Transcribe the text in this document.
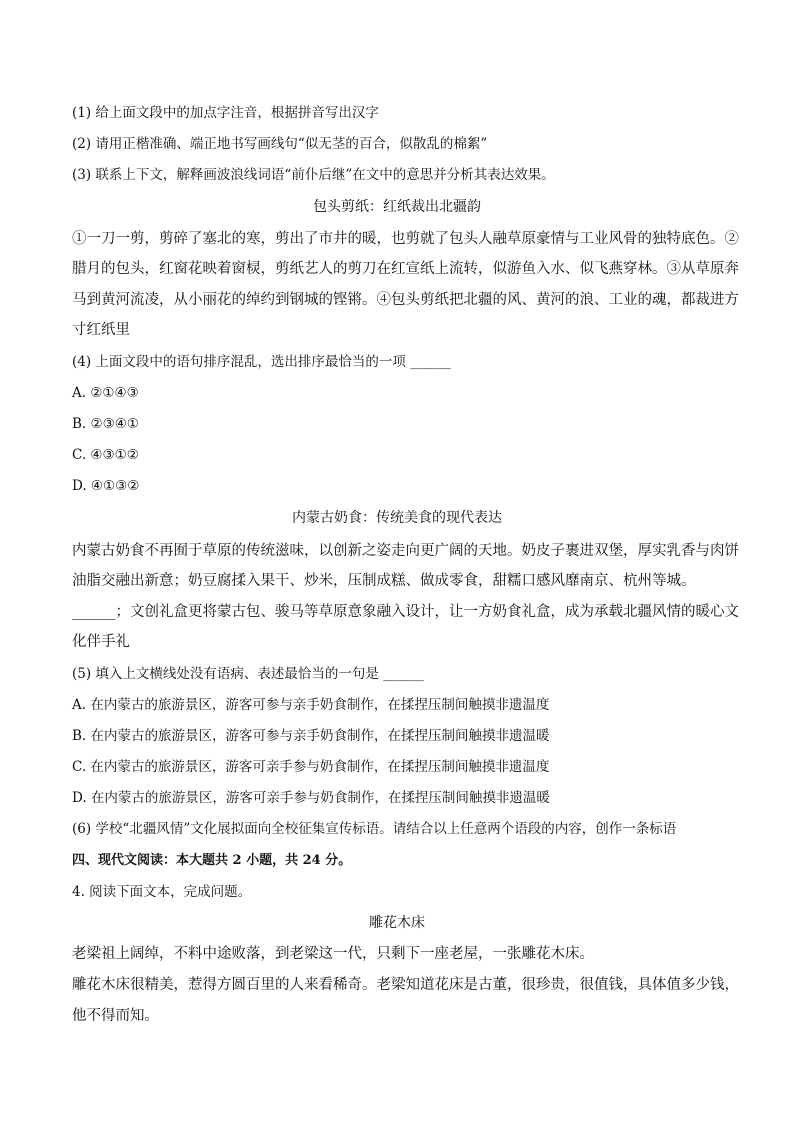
(1) 给上面文段中的加点字注音，根据拼音写出汉字

(2) 请用正楷准确、端正地书写画线句“似无茎的百合，似散乱的棉絮”

(3) 联系上下文，解释画波浪线词语“前仆后继”在文中的意思并分析其表达效果。

包头剪纸：红纸裁出北疆韵

①一刀一剪，剪碎了塞北的寒，剪出了市井的暖，也剪就了包头人融草原豪情与工业风骨的独特底色。②

腊月的包头，红窗花映着窗棂，剪纸艺人的剪刀在红宣纸上流转，似游鱼入水、似飞燕穿林。③从草原奔

马到黄河流凌，从小丽花的绰约到钢城的铿锵。④包头剪纸把北疆的风、黄河的浪、工业的魂，都裁进方

寸红纸里

(4) 上面文段中的语句排序混乱，选出排序最恰当的一项 ______

A. ②①④③

B. ②③④①

C. ④③①②

D. ④①③②

内蒙古奶食：传统美食的现代表达

内蒙古奶食不再囿于草原的传统滋味，以创新之姿走向更广阔的天地。奶皮子裹进双堡，厚实乳香与肉饼

油脂交融出新意；奶豆腐揉入果干、炒米，压制成糕、做成零食，甜糯口感风靡南京、杭州等城。

______；文创礼盒更将蒙古包、骏马等草原意象融入设计，让一方奶食礼盒，成为承载北疆风情的暖心文

化伴手礼

(5) 填入上文横线处没有语病、表述最恰当的一句是 ______

A. 在内蒙古的旅游景区，游客可参与亲手奶食制作，在揉捏压制间触摸非遗温度

B. 在内蒙古的旅游景区，游客可参与亲手奶食制作，在揉捏压制间触摸非遗温暖

C. 在内蒙古的旅游景区，游客可亲手参与奶食制作，在揉捏压制间触摸非遗温度

D. 在内蒙古的旅游景区，游客可亲手参与奶食制作，在揉捏压制间触摸非遗温暖

(6) 学校“北疆风情”文化展拟面向全校征集宣传标语。请结合以上任意两个语段的内容，创作一条标语

四、现代文阅读：本大题共 2 小题，共 24 分。

4. 阅读下面文本，完成问题。

雕花木床

老梁祖上阔绰，不料中途败落，到老梁这一代，只剩下一座老屋，一张雕花木床。

雕花木床很精美，惹得方圆百里的人来看稀奇。老梁知道花床是古董，很珍贵，很值钱，具体值多少钱，

他不得而知。
